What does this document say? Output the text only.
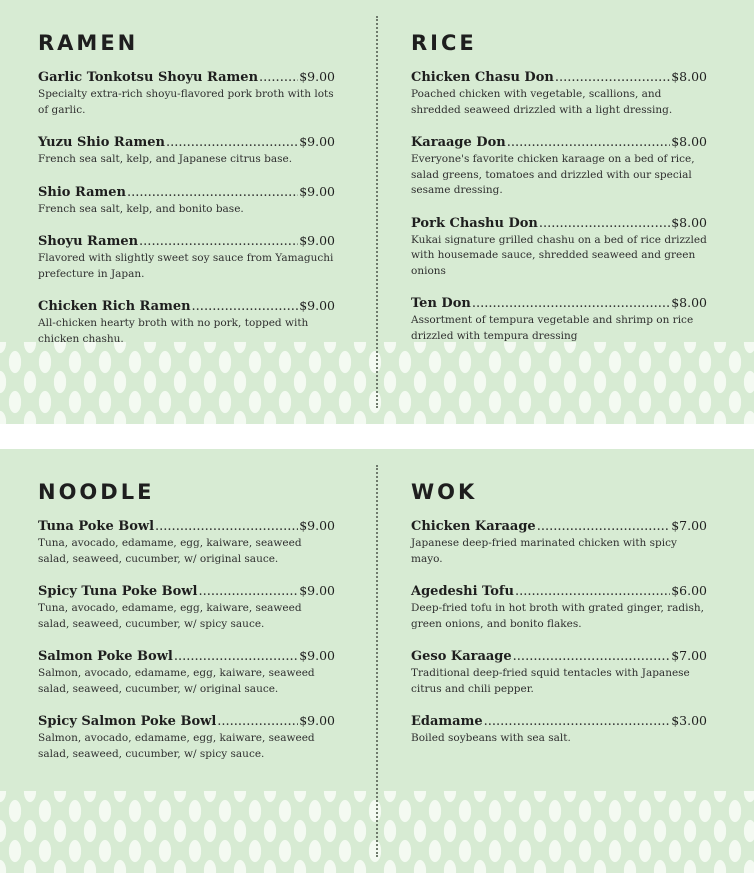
RAMEN
Garlic Tonkotsu Shoyu Ramen .....	$9.00
Specialty extra-rich shoyu-flavored pork broth with lots of garlic.
Yuzu Shio Ramen .....	$9.00
French sea salt, kelp, and Japanese citrus base.
Shio Ramen .....	$9.00
French sea salt, kelp, and bonito base.
Shoyu Ramen .....	$9.00
Flavored with slightly sweet soy sauce from Yamaguchi prefecture in Japan.
Chicken Rich Ramen .....	$9.00
All-chicken hearty broth with no pork, topped with chicken chashu.
RICE
Chicken Chasu Don .....	$8.00
Poached chicken with vegetable, scallions, and shredded seaweed drizzled with a light dressing.
Karaage Don .....	$8.00
Everyone's favorite chicken karaage on a bed of rice, salad greens, tomatoes and drizzled with our special sesame dressing.
Pork Chashu Don .....	$8.00
Kukai signature grilled chashu on a bed of rice drizzled with housemade sauce, shredded seaweed and green onions
Ten Don .....	$8.00
Assortment of tempura vegetable and shrimp on rice drizzled with tempura dressing
NOODLE
Tuna Poke Bowl .....	$9.00
Tuna, avocado, edamame, egg, kaiware, seaweed salad, seaweed, cucumber, w/ original sauce.
Spicy Tuna Poke Bowl .....	$9.00
Tuna, avocado, edamame, egg, kaiware, seaweed salad, seaweed, cucumber, w/ spicy sauce.
Salmon Poke Bowl .....	$9.00
Salmon, avocado, edamame, egg, kaiware, seaweed salad, seaweed, cucumber, w/ original sauce.
Spicy Salmon Poke Bowl .....	$9.00
Salmon, avocado, edamame, egg, kaiware, seaweed salad, seaweed, cucumber, w/ spicy sauce.
WOK
Chicken Karaage .....	$7.00
Japanese deep-fried marinated chicken with spicy mayo.
Agedeshi Tofu .....	$6.00
Deep-fried tofu in hot broth with grated ginger, radish, green onions, and bonito flakes.
Geso Karaage .....	$7.00
Traditional deep-fried squid tentacles with Japanese citrus and chili pepper.
Edamame .....	$3.00
Boiled soybeans with sea salt.
